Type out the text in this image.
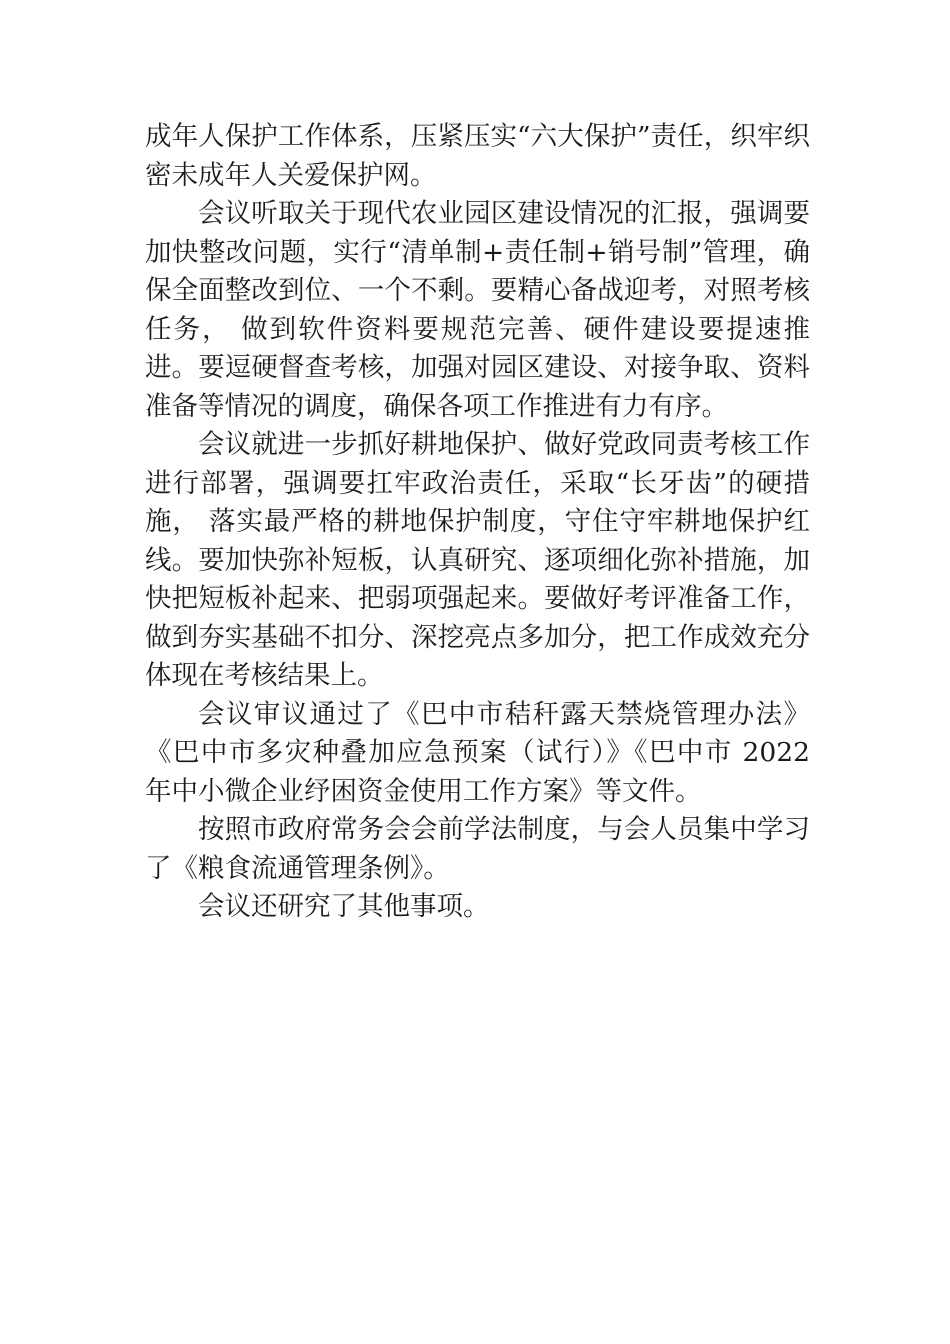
成年人保护工作体系，压紧压实“六大保护”责任，织牢织密未成年人关爱保护网。

会议听取关于现代农业园区建设情况的汇报，强调要加快整改问题，实行“清单制+责任制+销号制”管理，确保全面整改到位、一个不剩。要精心备战迎考，对照考核任务， 做到软件资料要规范完善、硬件建设要提速推进。要逗硬督查考核，加强对园区建设、对接争取、资料准备等情况的调度，确保各项工作推进有力有序。

会议就进一步抓好耕地保护、做好党政同责考核工作进行部署，强调要扛牢政治责任，采取“长牙齿”的硬措施， 落实最严格的耕地保护制度，守住守牢耕地保护红线。要加快弥补短板，认真研究、逐项细化弥补措施，加快把短板补起来、把弱项强起来。要做好考评准备工作，做到夯实基础不扣分、深挖亮点多加分，把工作成效充分体现在考核结果上。

会议审议通过了《巴中市秸秆露天禁烧管理办法》《巴中市多灾种叠加应急预案（试行）》《巴中市 2022 年中小微企业纾困资金使用工作方案》等文件。

按照市政府常务会会前学法制度，与会人员集中学习了《粮食流通管理条例》。

会议还研究了其他事项。
